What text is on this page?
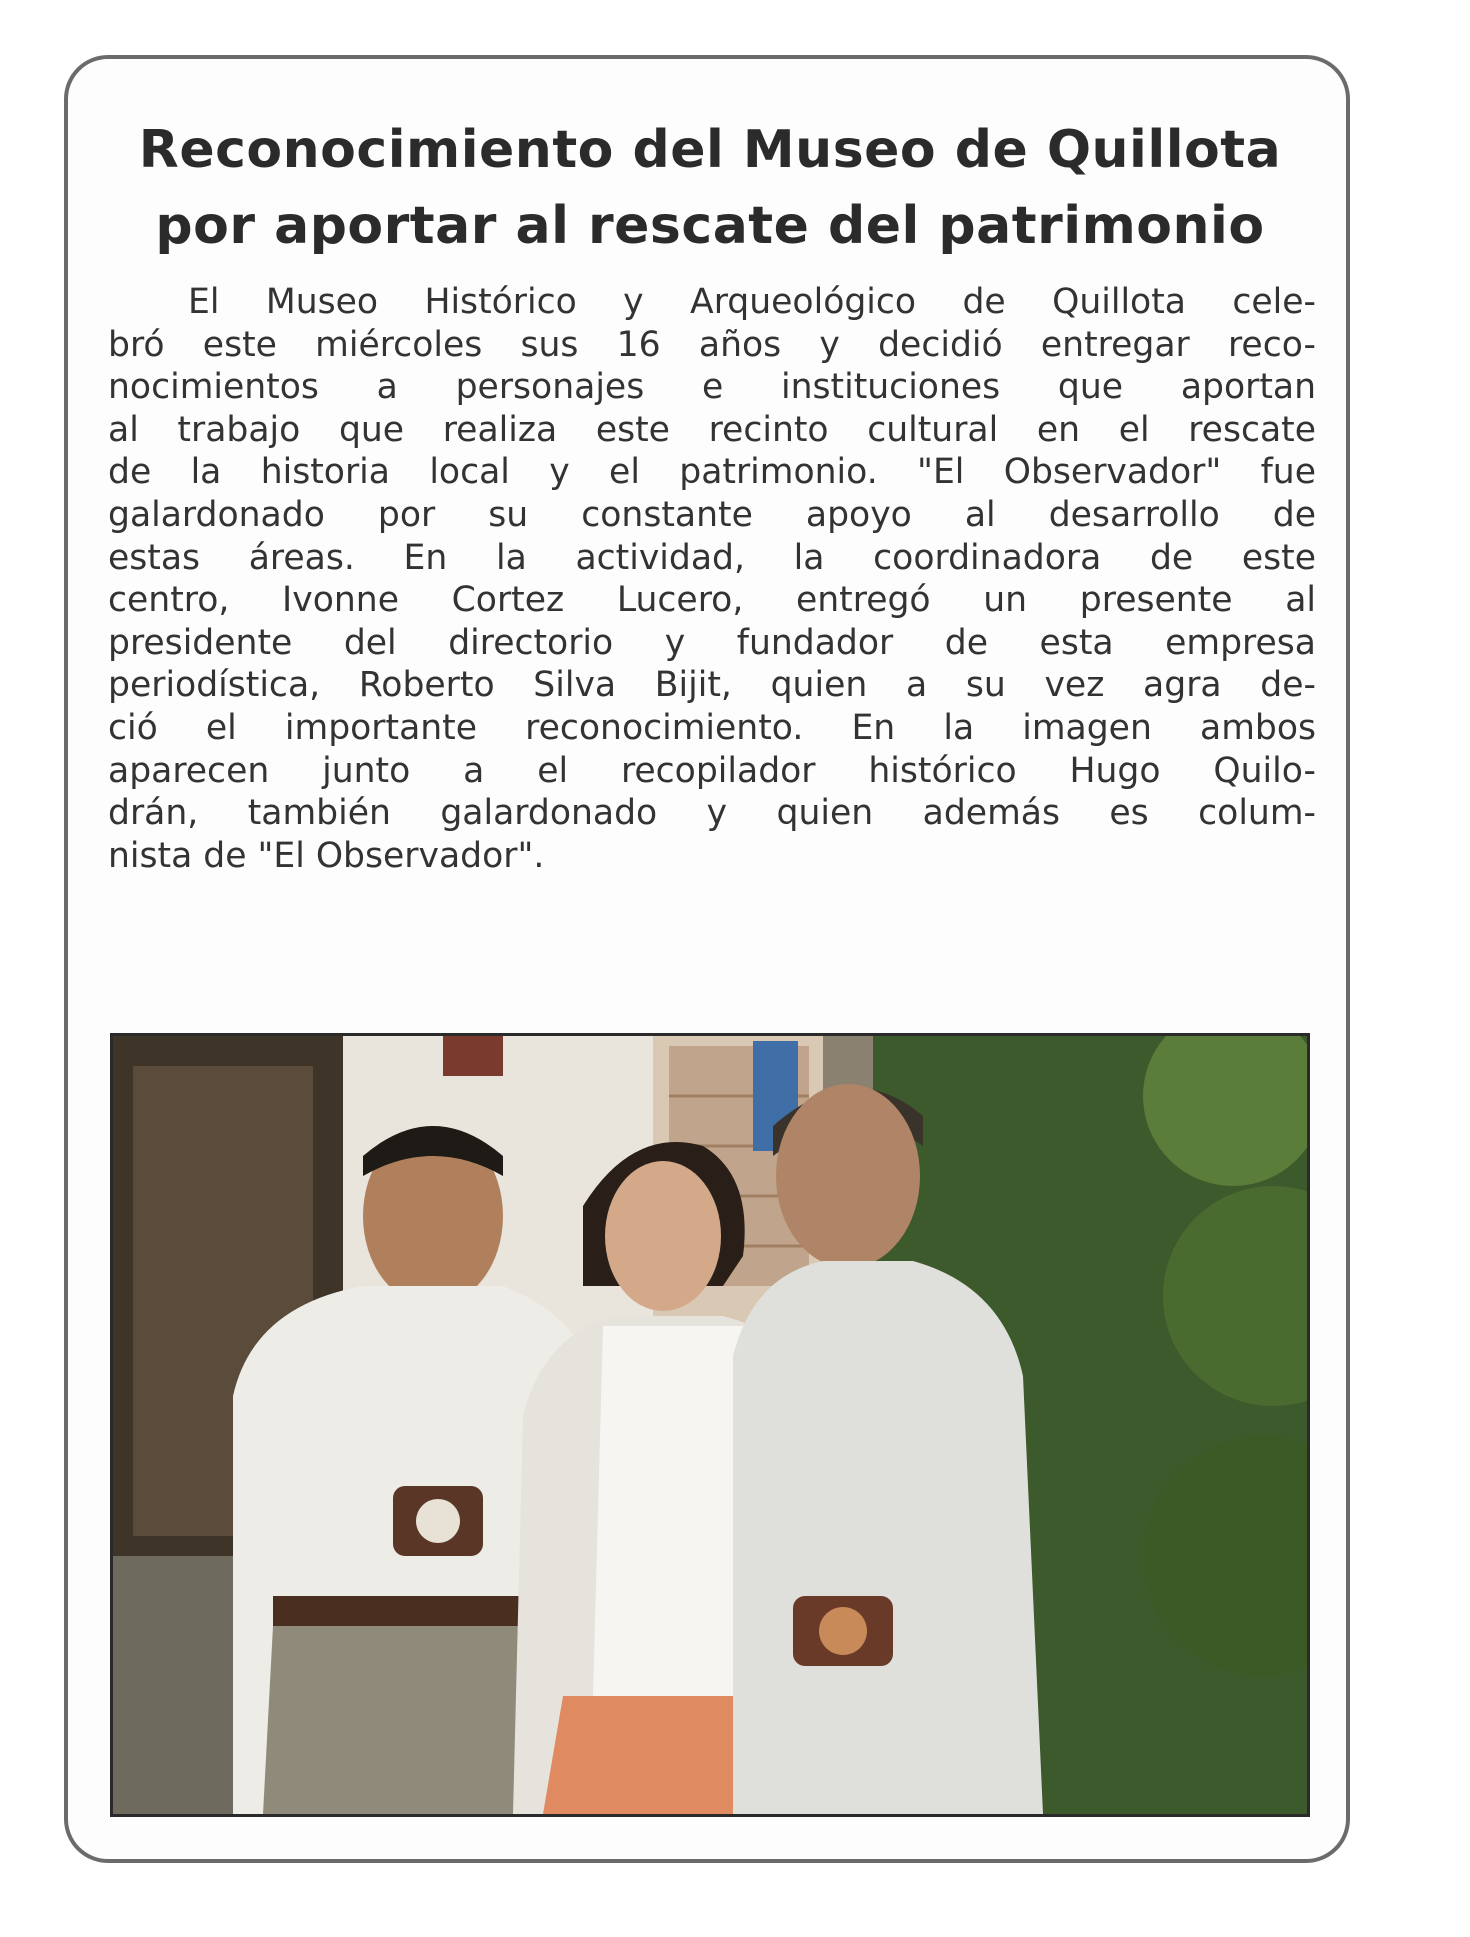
Reconocimiento del Museo de Quillota
por aportar al rescate del patrimonio
El Museo Histórico y Arqueológico de Quillota cele-
bró este miércoles sus 16 años y decidió entregar reco-
nocimientos a personajes e instituciones que aportan
al trabajo que realiza este recinto cultural en el rescate
de la historia local y el patrimonio. "El Observador" fue
galardonado por su constante apoyo al desarrollo de
estas áreas. En la actividad, la coordinadora de este
centro, Ivonne Cortez Lucero, entregó un presente al
presidente del directorio y fundador de esta empresa
periodística, Roberto Silva Bijit, quien a su vez agra de-
ció el importante reconocimiento. En la imagen ambos
aparecen junto a el recopilador histórico Hugo Quilo-
drán, también galardonado y quien además es colum-
nista de "El Observador".
